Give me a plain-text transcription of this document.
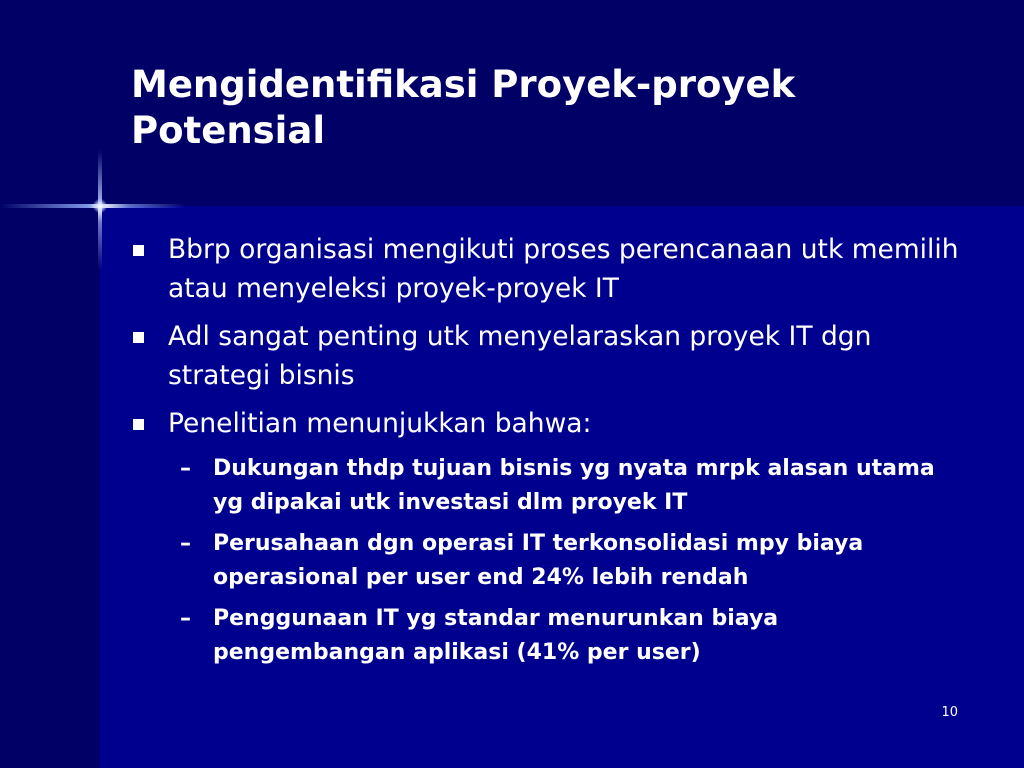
Mengidentifikasi Proyek-proyek
Potensial
Bbrp organisasi mengikuti proses perencanaan utk memilih atau menyeleksi proyek-proyek IT
Adl sangat penting utk menyelaraskan proyek IT dgn strategi bisnis
Penelitian menunjukkan bahwa:
– Dukungan thdp tujuan bisnis yg nyata mrpk alasan utama yg dipakai utk investasi dlm proyek IT
– Perusahaan dgn operasi IT terkonsolidasi mpy biaya operasional per user end 24% lebih rendah
– Penggunaan IT yg standar menurunkan biaya pengembangan aplikasi (41% per user)
10
